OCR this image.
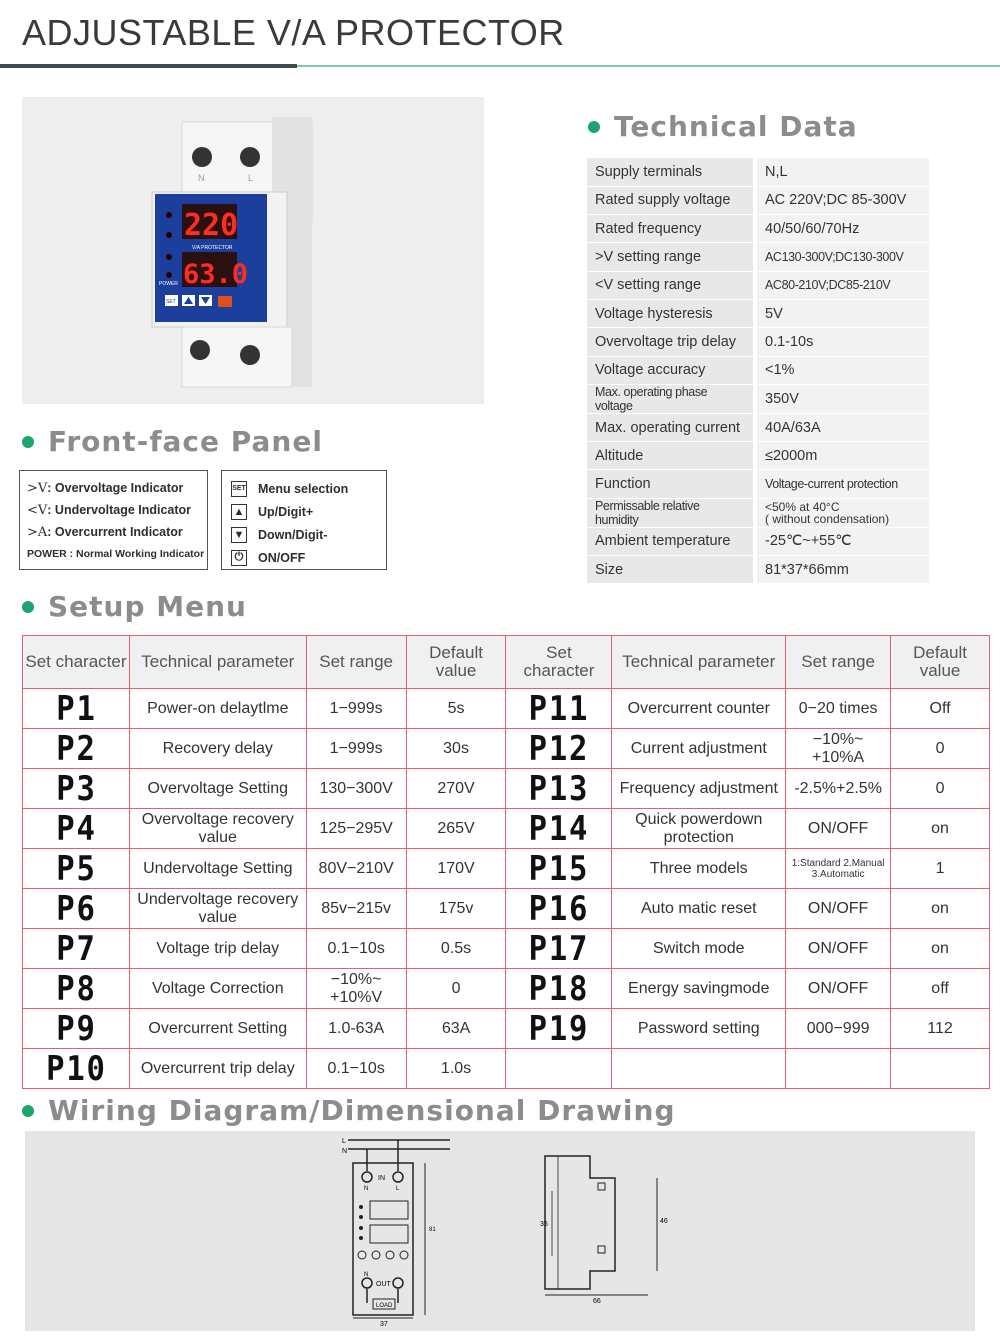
ADJUSTABLE V/A PROTECTOR
N	L
220
V/A PROTECTOR
63.0
POWER
SET
Technical Data
Supply terminals	N,L
Rated supply voltage	AC 220V;DC 85-300V
Rated frequency	40/50/60/70Hz
>V setting range	AC130-300V;DC130-300V
<V setting range	AC80-210V;DC85-210V
Voltage hysteresis	5V
Overvoltage trip delay	0.1-10s
Voltage accuracy	<1%
Max. operating phase voltage	350V
Max. operating current	40A/63A
Altitude	≤2000m
Function	Voltage-current protection
Permissable relative humidity	<50% at 40°C
( without condensation)

Ambient temperature	-25℃~+55℃
Size	81*37*66mm
Front-face Panel
>V: Overvoltage Indicator
<V: Undervoltage Indicator
>A: Overcurrent Indicator
POWER : Normal Working Indicator
SET Menu selection
▲ Up/Digit+
▼ Down/Digit-
⏻ ON/OFF
Setup Menu
Set character	Technical parameter	Set range	Default value	Set character	Technical parameter	Set range	Default value
P1	Power-on delaytlme	1−999s	5s	P11	Overcurrent counter	0−20 times	Off
P2	Recovery delay	1−999s	30s	P12	Current adjustment	−10%~ +10%A	0
P3	Overvoltage Setting	130−300V	270V	P13	Frequency adjustment	-2.5%+2.5%	0
P4	Overvoltage recovery value	125−295V	265V	P14	Quick powerdown protection	ON/OFF	on
P5	Undervoltage Setting	80V−210V	170V	P15	Three models	1:Standard 2.Manual 3.Automatic	1
P6	Undervoltage recovery value	85v−215v	175v	P16	Auto matic reset	ON/OFF	on
P7	Voltage trip delay	0.1−10s	0.5s	P17	Switch mode	ON/OFF	on
P8	Voltage Correction	−10%~ +10%V	0	P18	Energy savingmode	ON/OFF	off
P9	Overcurrent Setting	1.0-63A	63A	P19	Password setting	000−999	112
P10	Overcurrent trip delay	0.1−10s	1.0s				
Wiring Diagram/Dimensional Drawing
L
N
IN
N	L
N
OUT
LOAD
81
37
35	46
66
